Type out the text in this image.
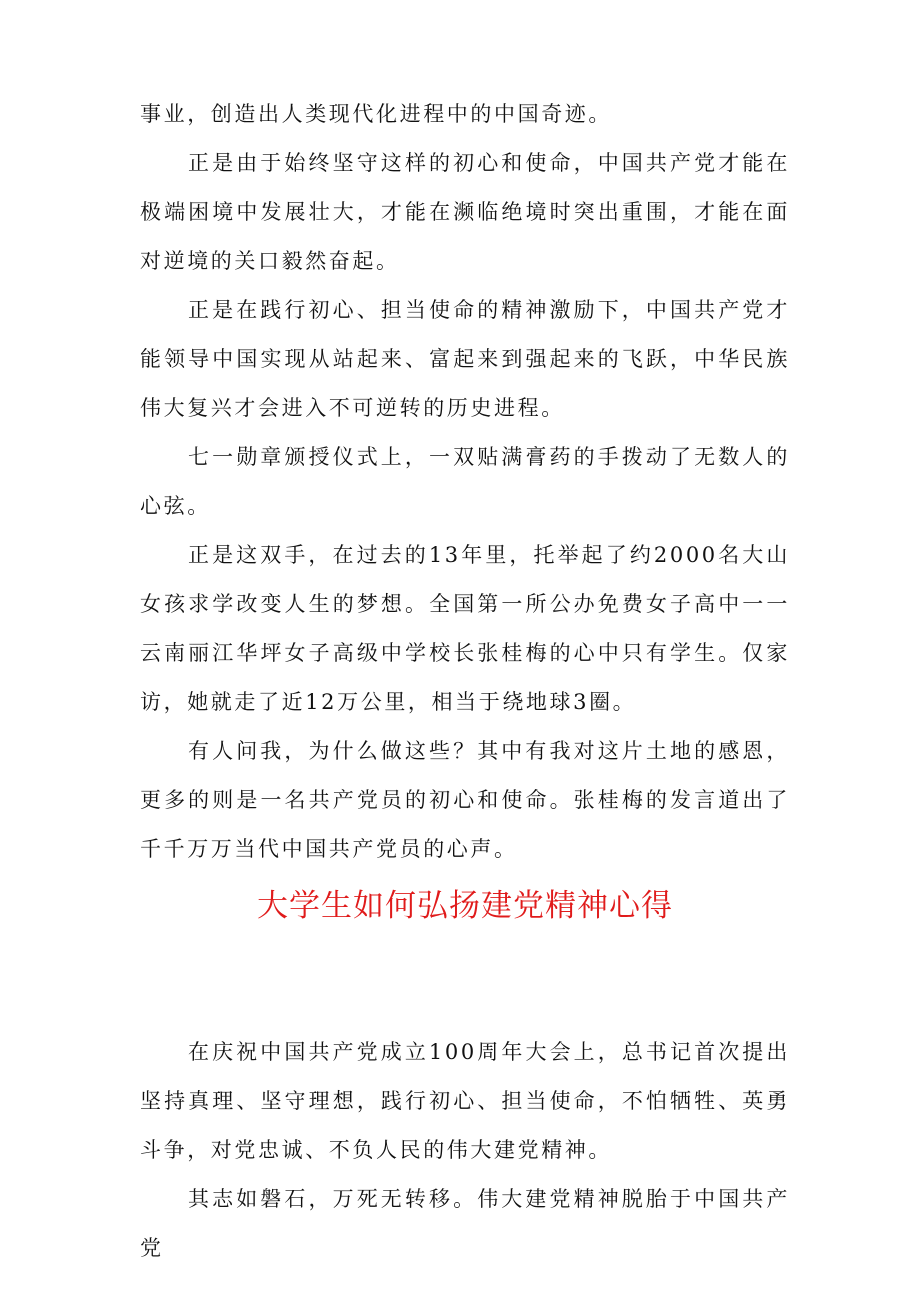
事业，创造出人类现代化进程中的中国奇迹。

正是由于始终坚守这样的初心和使命，中国共产党才能在极端困境中发展壮大，才能在濒临绝境时突出重围，才能在面对逆境的关口毅然奋起。

正是在践行初心、担当使命的精神激励下，中国共产党才能领导中国实现从站起来、富起来到强起来的飞跃，中华民族伟大复兴才会进入不可逆转的历史进程。

七一勋章颁授仪式上，一双贴满膏药的手拨动了无数人的心弦。

正是这双手，在过去的13年里，托举起了约2000名大山女孩求学改变人生的梦想。全国第一所公办免费女子高中一一云南丽江华坪女子高级中学校长张桂梅的心中只有学生。仅家访，她就走了近12万公里，相当于绕地球3圈。

有人问我，为什么做这些？其中有我对这片土地的感恩，更多的则是一名共产党员的初心和使命。张桂梅的发言道出了千千万万当代中国共产党员的心声。

大学生如何弘扬建党精神心得

在庆祝中国共产党成立100周年大会上，总书记首次提出坚持真理、坚守理想，践行初心、担当使命，不怕牺牲、英勇斗争，对党忠诚、不负人民的伟大建党精神。

其志如磐石，万死无转移。伟大建党精神脱胎于中国共产党
